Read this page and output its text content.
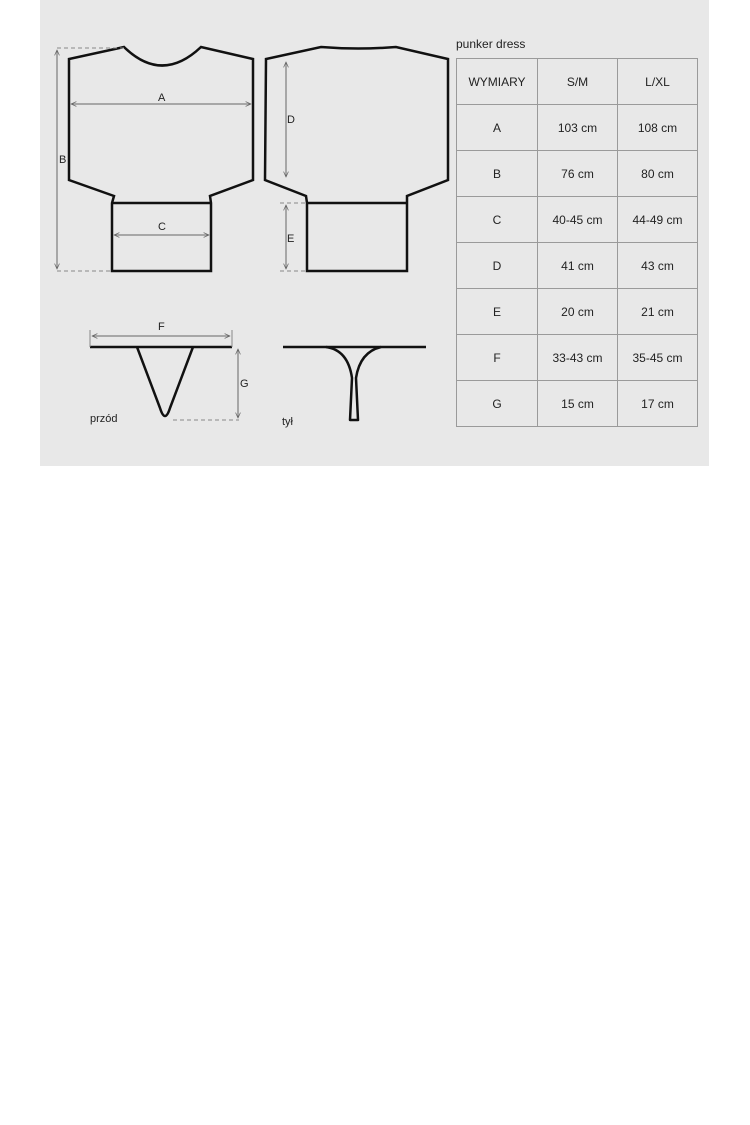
B
A
C
D
E
F
G
przód	tył
punker dress
WYMIARY	S/M	L/XL
A	103 cm	108 cm
B	76 cm	80 cm
C	40-45 cm	44-49 cm
D	41 cm	43 cm
E	20 cm	21 cm
F	33-43 cm	35-45 cm
G	15 cm	17 cm
